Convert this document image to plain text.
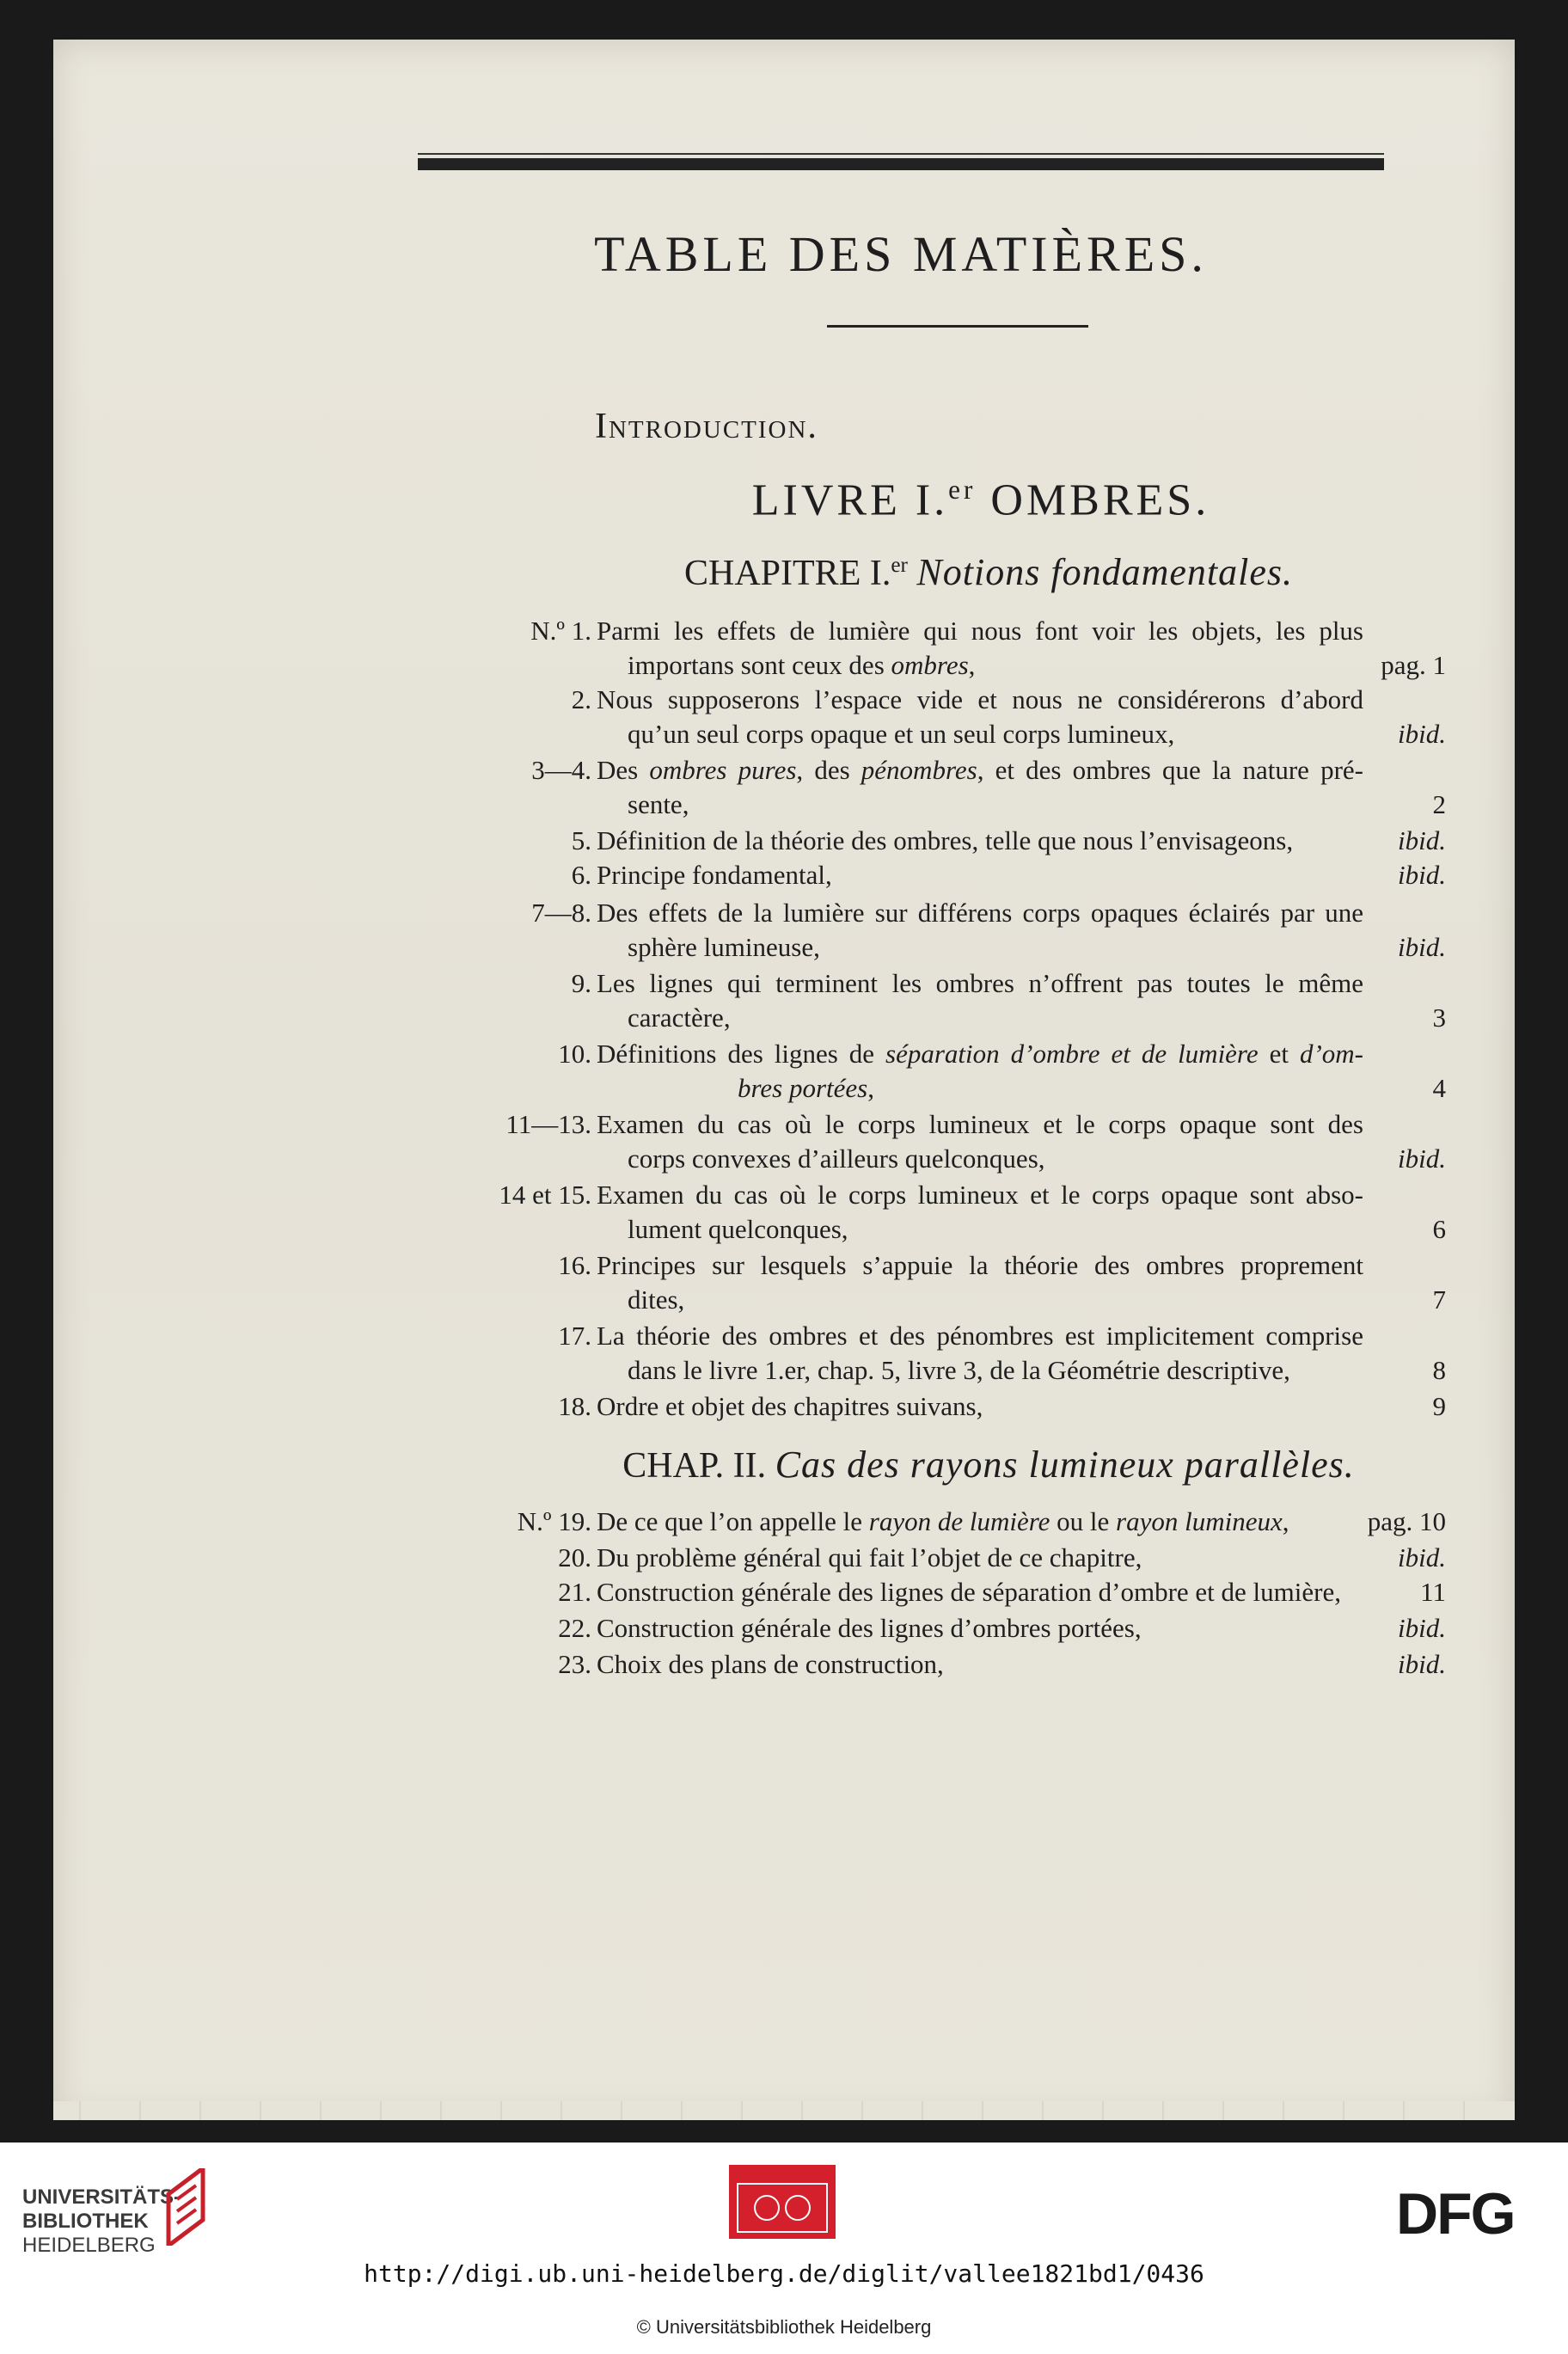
TABLE DES MATIÈRES.
Introduction.
LIVRE I.$^{er}$ OMBRES.
CHAPITRE I.$^{er}$ Notions fondamentales.
CHAP. II. Cas des rayons lumineux parallèles.
N.º 1. Parmi les effets de lumière qui nous font voir les objets, les plus
importans sont ceux des ombres,	pag. 1
2. Nous supposerons l’espace vide et nous ne considérerons d’abord
qu’un seul corps opaque et un seul corps lumineux,	ibid.
3—4. Des ombres pures, des pénombres, et des ombres que la nature pré-
sente,	2
5. Définition de la théorie des ombres, telle que nous l’envisageons,	ibid.
6. Principe fondamental,	ibid.
7—8. Des effets de la lumière sur différens corps opaques éclairés par une
sphère lumineuse,	ibid.
9. Les lignes qui terminent les ombres n’offrent pas toutes le même
caractère,	3
10. Définitions des lignes de séparation d’ombre et de lumière et d’om-
bres portées,	4
11—13. Examen du cas où le corps lumineux et le corps opaque sont des
corps convexes d’ailleurs quelconques,	ibid.
14 et 15. Examen du cas où le corps lumineux et le corps opaque sont abso-
lument quelconques,	6
16. Principes sur lesquels s’appuie la théorie des ombres proprement
dites,	7
17. La théorie des ombres et des pénombres est implicitement comprise
dans le livre 1.er, chap. 5, livre 3, de la Géométrie descriptive,	8
18. Ordre et objet des chapitres suivans,	9
N.º 19. De ce que l’on appelle le rayon de lumière ou le rayon lumineux,	pag. 10
20. Du problème général qui fait l’objet de ce chapitre,	ibid.
21. Construction générale des lignes de séparation d’ombre et de lumière,	11
22. Construction générale des lignes d’ombres portées,	ibid.
23. Choix des plans de construction,	ibid.
UNIVERSITÄTS-
BIBLIOTHEK
HEIDELBERG	DFG
http://digi.ub.uni-heidelberg.de/diglit/vallee1821bd1/0436
© Universitätsbibliothek Heidelberg
